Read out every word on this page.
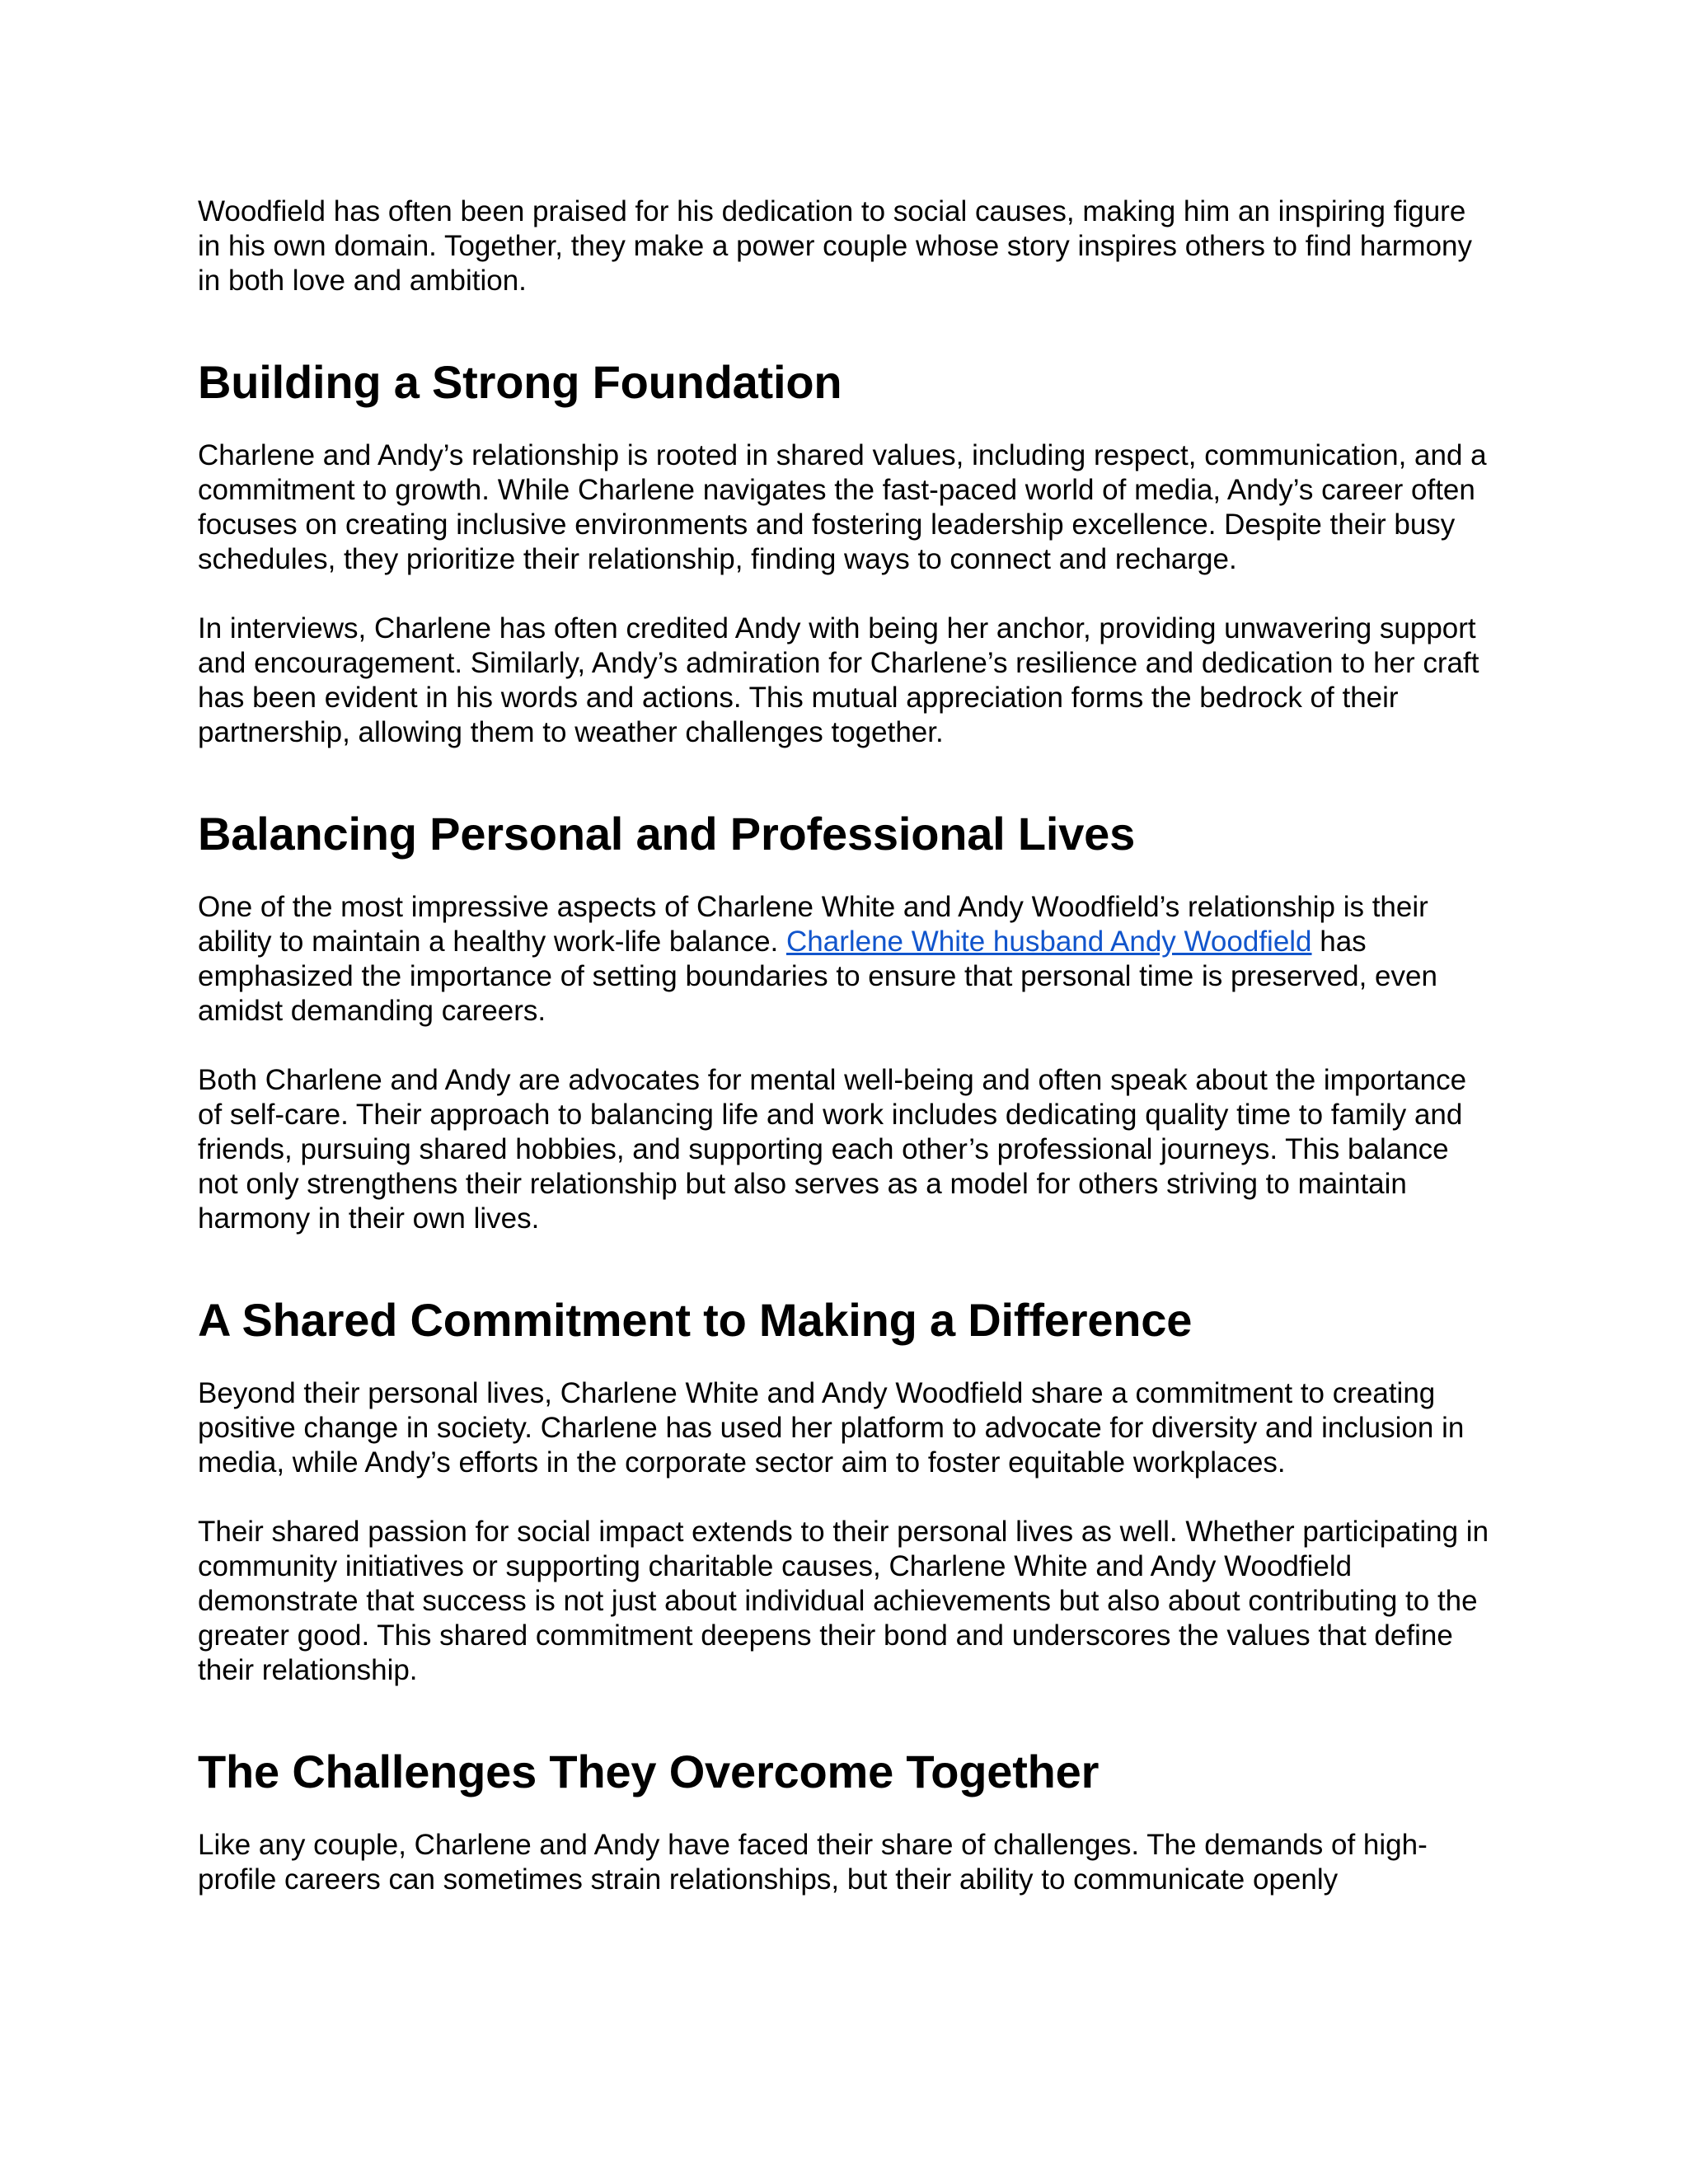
Woodfield has often been praised for his dedication to social causes, making him an inspiring figure in his own domain. Together, they make a power couple whose story inspires others to find harmony in both love and ambition.

Building a Strong Foundation

Charlene and Andy’s relationship is rooted in shared values, including respect, communication, and a commitment to growth. While Charlene navigates the fast-paced world of media, Andy’s career often focuses on creating inclusive environments and fostering leadership excellence. Despite their busy schedules, they prioritize their relationship, finding ways to connect and recharge.

In interviews, Charlene has often credited Andy with being her anchor, providing unwavering support and encouragement. Similarly, Andy’s admiration for Charlene’s resilience and dedication to her craft has been evident in his words and actions. This mutual appreciation forms the bedrock of their partnership, allowing them to weather challenges together.

Balancing Personal and Professional Lives

One of the most impressive aspects of Charlene White and Andy Woodfield’s relationship is their ability to maintain a healthy work-life balance. Charlene White husband Andy Woodfield has emphasized the importance of setting boundaries to ensure that personal time is preserved, even amidst demanding careers.

Both Charlene and Andy are advocates for mental well-being and often speak about the importance of self-care. Their approach to balancing life and work includes dedicating quality time to family and friends, pursuing shared hobbies, and supporting each other’s professional journeys. This balance not only strengthens their relationship but also serves as a model for others striving to maintain harmony in their own lives.

A Shared Commitment to Making a Difference

Beyond their personal lives, Charlene White and Andy Woodfield share a commitment to creating positive change in society. Charlene has used her platform to advocate for diversity and inclusion in media, while Andy’s efforts in the corporate sector aim to foster equitable workplaces.

Their shared passion for social impact extends to their personal lives as well. Whether participating in community initiatives or supporting charitable causes, Charlene White and Andy Woodfield demonstrate that success is not just about individual achievements but also about contributing to the greater good. This shared commitment deepens their bond and underscores the values that define their relationship.

The Challenges They Overcome Together

Like any couple, Charlene and Andy have faced their share of challenges. The demands of high-profile careers can sometimes strain relationships, but their ability to communicate openly
